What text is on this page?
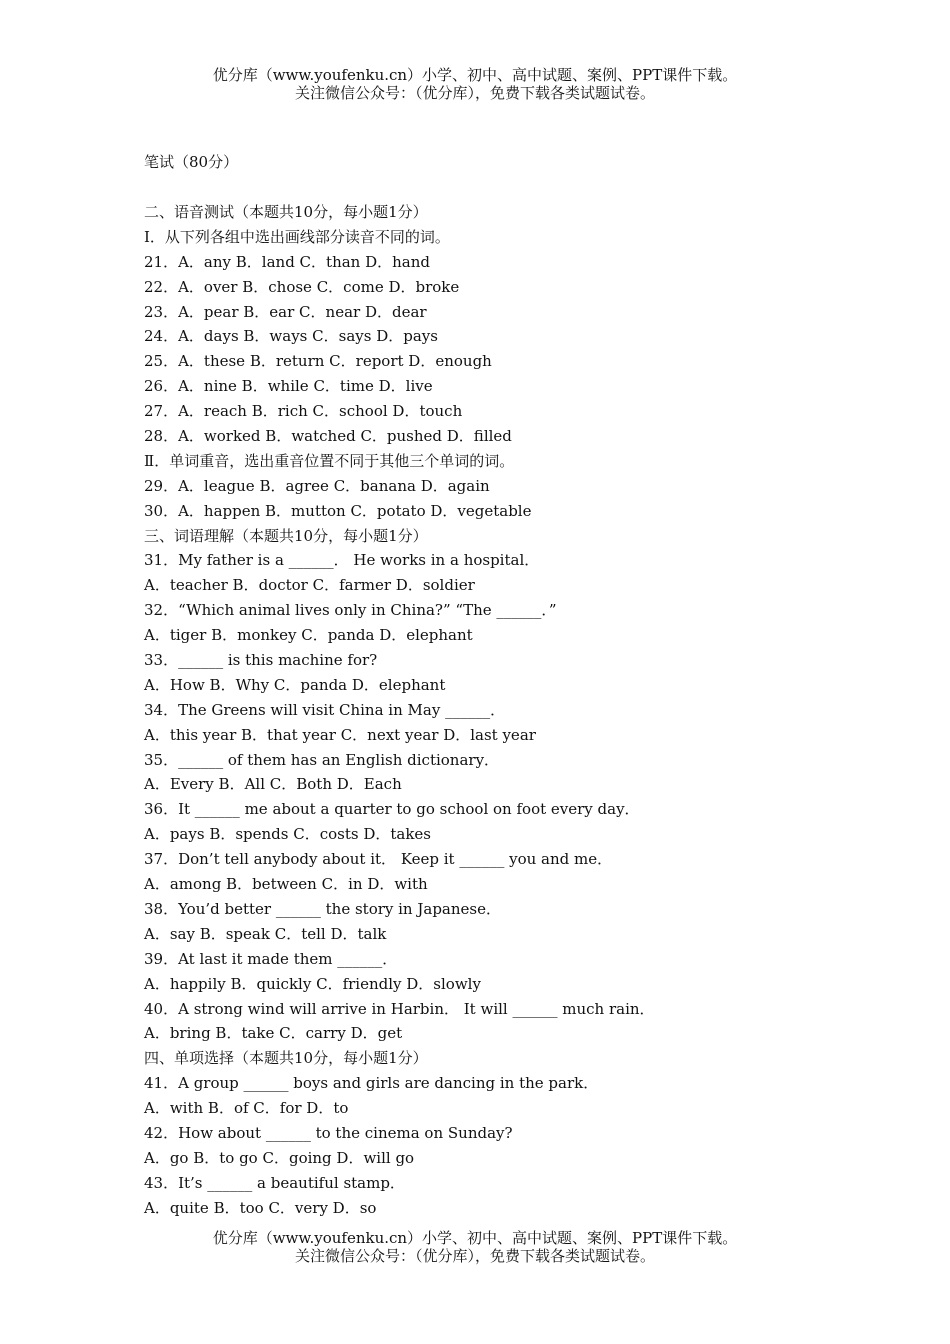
优分库（www.youfenku.cn）小学、初中、高中试题、案例、PPT课件下载。
关注微信公众号：（优分库），免费下载各类试题试卷。
笔试（80分）
二、语音测试（本题共10分，每小题1分）
Ⅰ．从下列各组中选出画线部分读音不同的词。
21．A．any B．land C．than D．hand
22．A．over B．chose C．come D．broke
23．A．pear B．ear C．near D．dear
24．A．days B．ways C．says D．pays
25．A．these B．return C．report D．enough
26．A．nine B．while C．time D．live
27．A．reach B．rich C．school D．touch
28．A．worked B．watched C．pushed D．filled
Ⅱ．单词重音，选出重音位置不同于其他三个单词的词。
29．A．league B．agree C．banana D．again
30．A．happen B．mutton C．potato D．vegetable
三、词语理解（本题共10分，每小题1分）
31．My father is a ______． He works in a hospital．
A．teacher B．doctor C．farmer D．soldier
32．“Which animal lives only in China?” “The ______．”
A．tiger B．monkey C．panda D．elephant
33．______ is this machine for?
A．How B．Why C．panda D．elephant
34．The Greens will visit China in May ______．
A．this year B．that year C．next year D．last year
35．______ of them has an English dictionary．
A．Every B．All C．Both D．Each
36．It ______ me about a quarter to go school on foot every day．
A．pays B．spends C．costs D．takes
37．Don’t tell anybody about it． Keep it ______ you and me．
A．among B．between C．in D．with
38．You’d better ______ the story in Japanese．
A．say B．speak C．tell D．talk
39．At last it made them ______．
A．happily B．quickly C．friendly D．slowly
40．A strong wind will arrive in Harbin． It will ______ much rain．
A．bring B．take C．carry D．get
四、单项选择（本题共10分，每小题1分）
41．A group ______ boys and girls are dancing in the park．
A．with B．of C．for D．to
42．How about ______ to the cinema on Sunday?
A．go B．to go C．going D．will go
43．It’s ______ a beautiful stamp．
A．quite B．too C．very D．so
优分库（www.youfenku.cn）小学、初中、高中试题、案例、PPT课件下载。
关注微信公众号：（优分库），免费下载各类试题试卷。
